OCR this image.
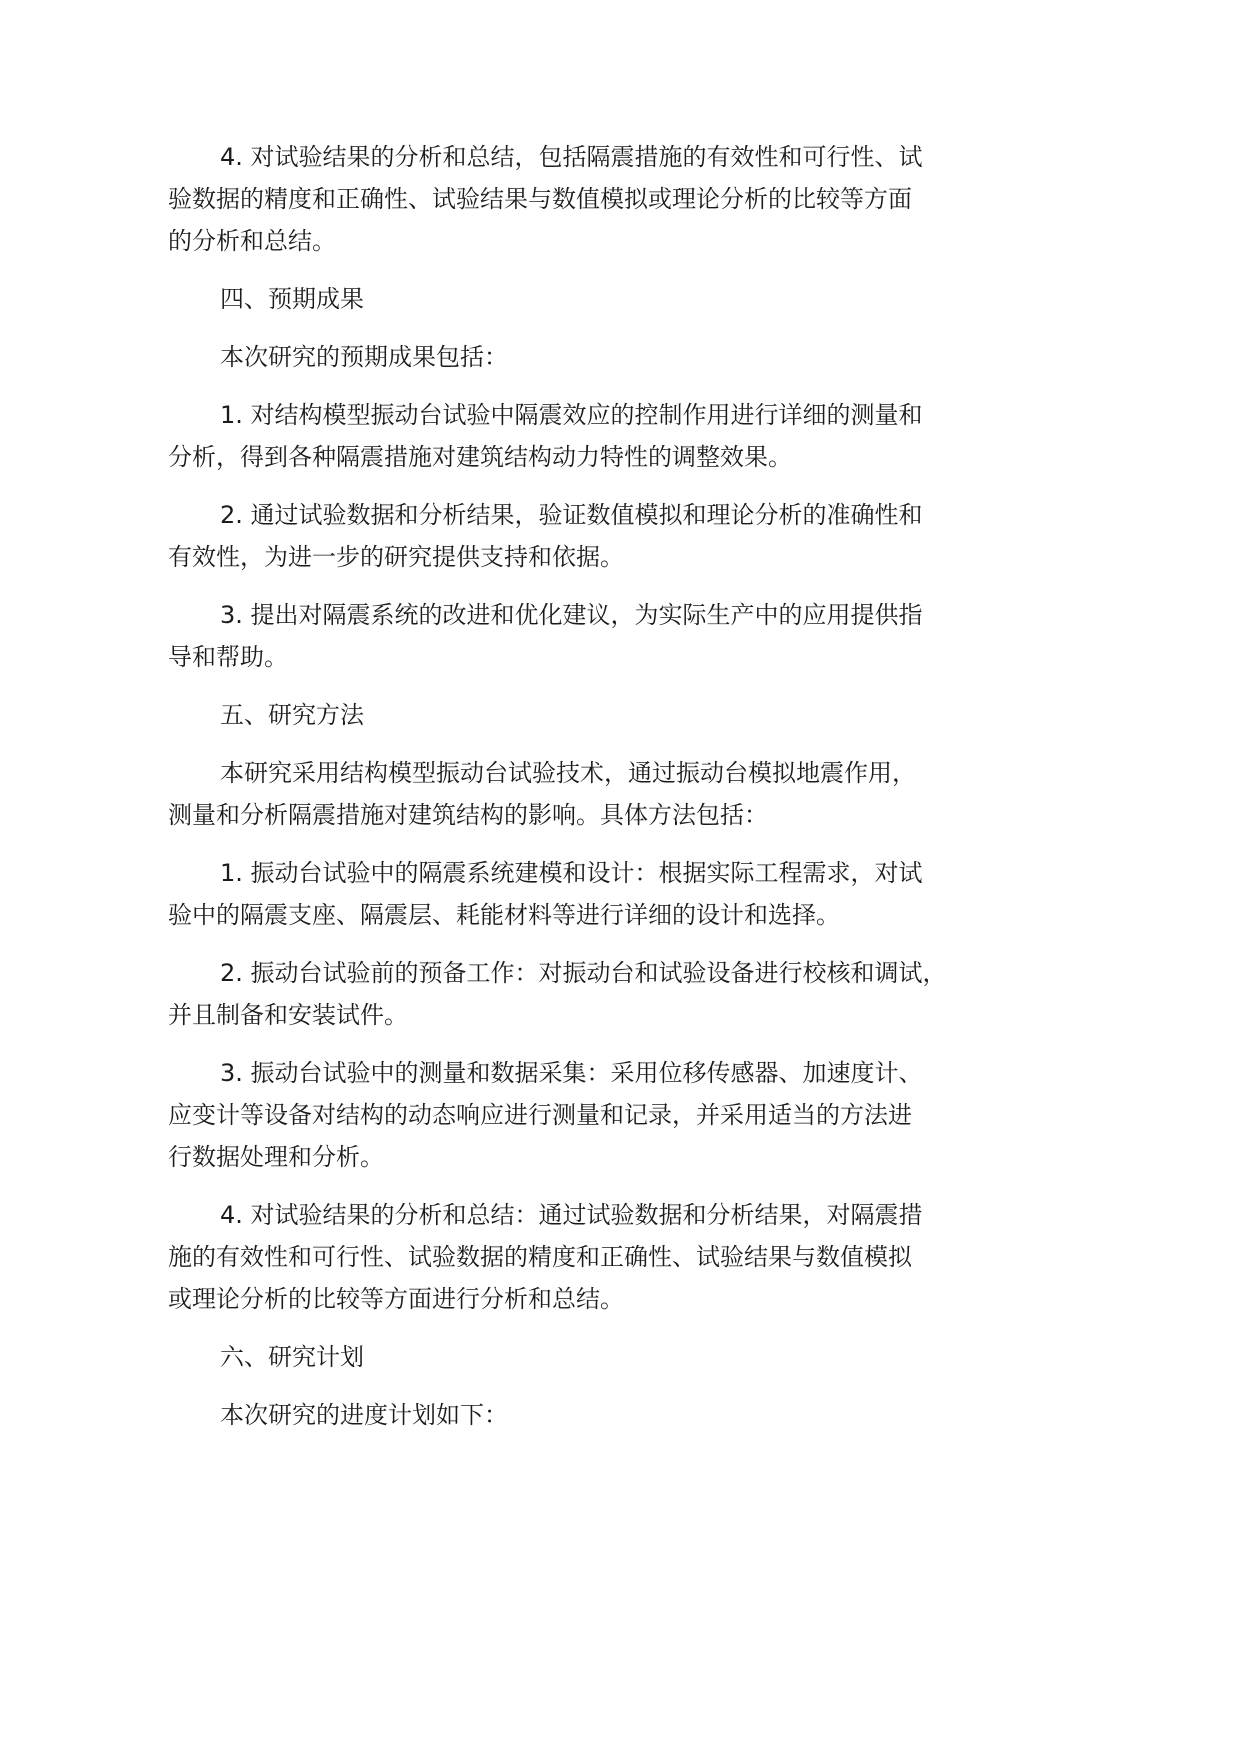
4. 对试验结果的分析和总结，包括隔震措施的有效性和可行性、试
验数据的精度和正确性、试验结果与数值模拟或理论分析的比较等方面
的分析和总结。
四、预期成果
本次研究的预期成果包括：
1. 对结构模型振动台试验中隔震效应的控制作用进行详细的测量和
分析，得到各种隔震措施对建筑结构动力特性的调整效果。
2. 通过试验数据和分析结果，验证数值模拟和理论分析的准确性和
有效性，为进一步的研究提供支持和依据。
3. 提出对隔震系统的改进和优化建议，为实际生产中的应用提供指
导和帮助。
五、研究方法
本研究采用结构模型振动台试验技术，通过振动台模拟地震作用，
测量和分析隔震措施对建筑结构的影响。具体方法包括：
1. 振动台试验中的隔震系统建模和设计：根据实际工程需求，对试
验中的隔震支座、隔震层、耗能材料等进行详细的设计和选择。
2. 振动台试验前的预备工作：对振动台和试验设备进行校核和调试，
并且制备和安装试件。
3. 振动台试验中的测量和数据采集：采用位移传感器、加速度计、
应变计等设备对结构的动态响应进行测量和记录，并采用适当的方法进
行数据处理和分析。
4. 对试验结果的分析和总结：通过试验数据和分析结果，对隔震措
施的有效性和可行性、试验数据的精度和正确性、试验结果与数值模拟
或理论分析的比较等方面进行分析和总结。
六、研究计划
本次研究的进度计划如下：
